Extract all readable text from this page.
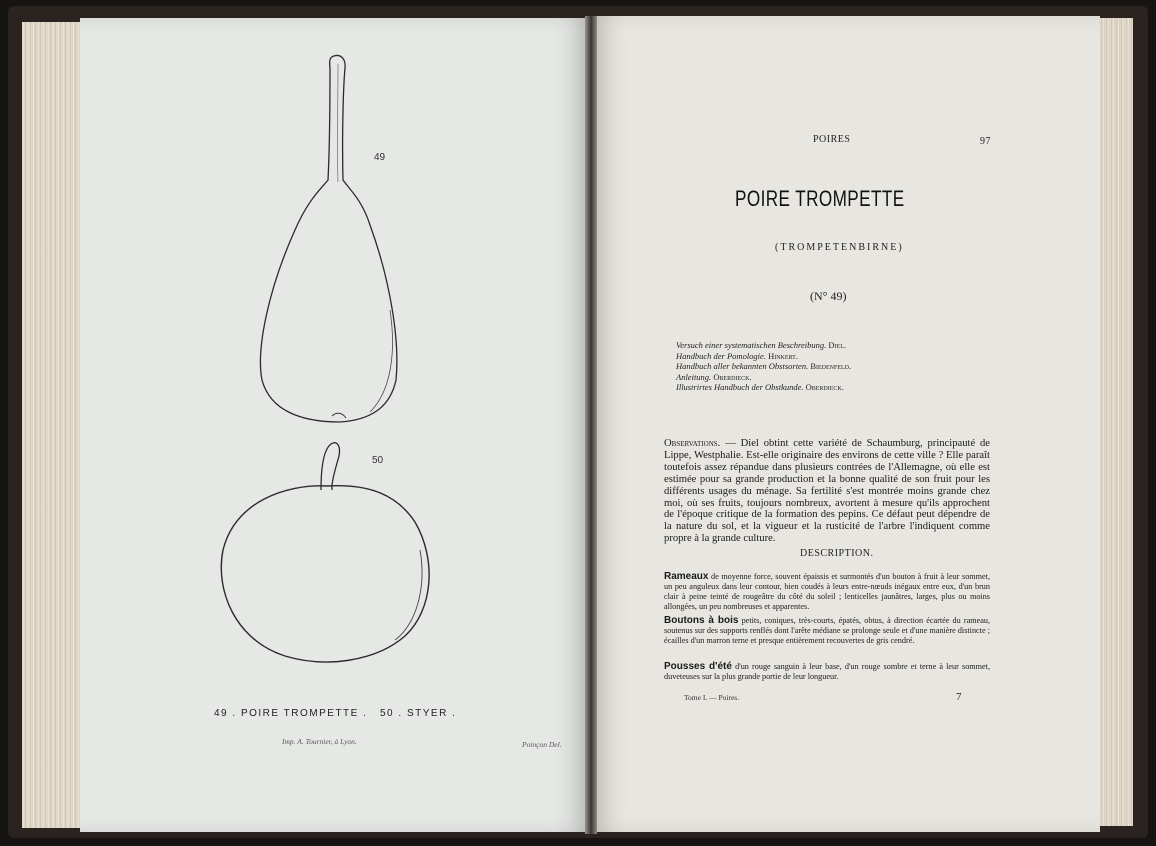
49
50
49 . POIRE TROMPETTE . 50 . STYER .
Imp. A. Tournier, à Lyon.	Poinçon Del.
POIRES	97
POIRE TROMPETTE
(TROMPETENBIRNE)
(N° 49)
Versuch einer systematischen Beschreibung. Diel.
Handbuch der Pomologie. Hinkert.
Handbuch aller bekannten Obstsorten. Biedenfeld.
Anleitung. Oberdieck.
Illustrirtes Handbuch der Obstkunde. Oberdieck.
Observations. — Diel obtint cette variété de Schaumburg, principauté de Lippe, Westphalie. Est-elle originaire des environs de cette ville ? Elle paraît toutefois assez répandue dans plusieurs contrées de l'Allemagne, où elle est estimée pour sa grande production et la bonne qualité de son fruit pour les différents usages du ménage. Sa fertilité s'est montrée moins grande chez moi, où ses fruits, toujours nombreux, avortent à mesure qu'ils approchent de l'époque critique de la formation des pepins. Ce défaut peut dépendre de la nature du sol, et la vigueur et la rusticité de l'arbre l'indiquent comme propre à la grande culture.
DESCRIPTION.
Rameaux de moyenne force, souvent épaissis et surmontés d'un bouton à fruit à leur sommet, un peu anguleux dans leur contour, bien coudés à leurs entre-nœuds inégaux entre eux, d'un brun clair à peine teinté de rougeâtre du côté du soleil ; lenticelles jaunâtres, larges, plus ou moins allongées, un peu nombreuses et apparentes.
Boutons à bois petits, coniques, très-courts, épatés, obtus, à direction écartée du rameau, soutenus sur des supports renflés dont l'arête médiane se prolonge seule et d'une manière distincte ; écailles d'un marron terne et presque entièrement recouvertes de gris cendré.
Pousses d'été d'un rouge sanguin à leur base, d'un rouge sombre et terne à leur sommet, duveteuses sur la plus grande portie de leur longueur.
Tome I. — Poires.	7
